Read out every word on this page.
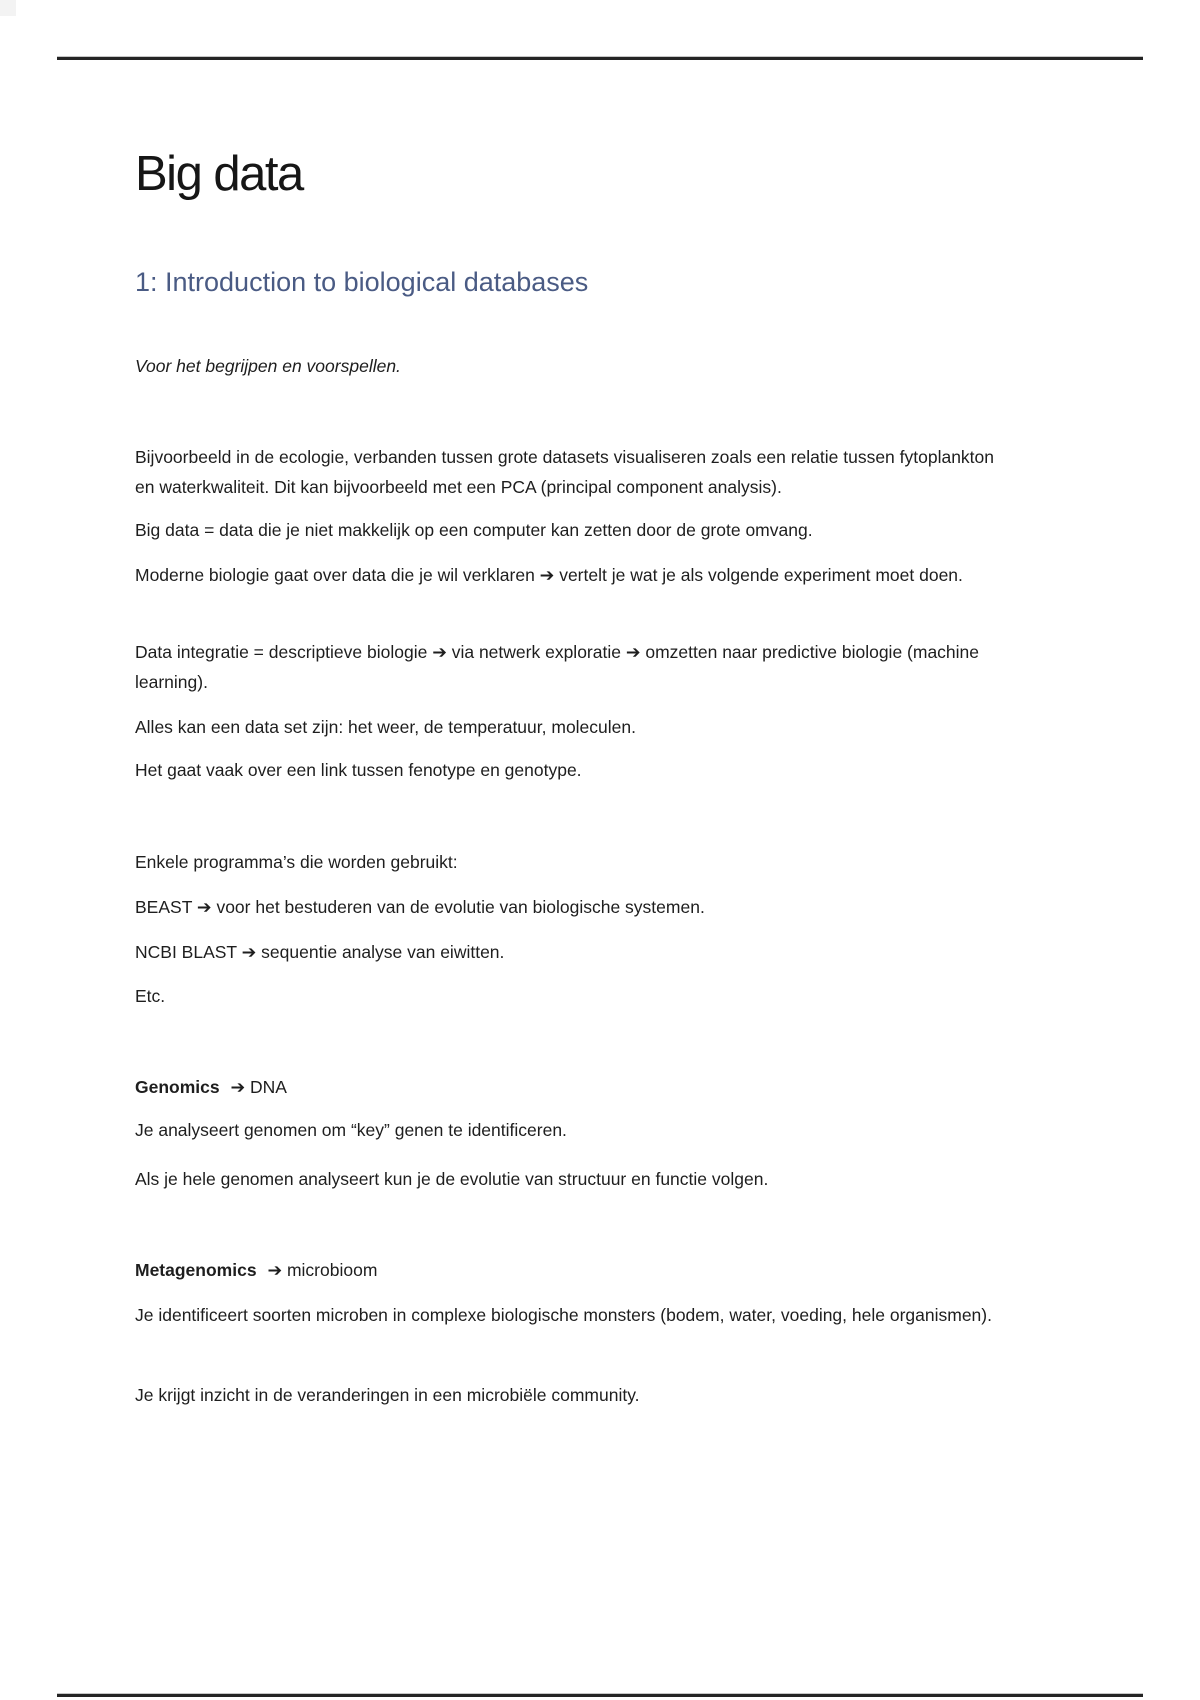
Big data
1: Introduction to biological databases

Voor het begrijpen en voorspellen.

Bijvoorbeeld in de ecologie, verbanden tussen grote datasets visualiseren zoals een relatie tussen fytoplankton en waterkwaliteit. Dit kan bijvoorbeeld met een PCA (principal component analysis).

Big data = data die je niet makkelijk op een computer kan zetten door de grote omvang.

Moderne biologie gaat over data die je wil verklaren ➔ vertelt je wat je als volgende experiment moet doen.

Data integratie = descriptieve biologie ➔ via netwerk exploratie ➔ omzetten naar predictive biologie (machine learning).

Alles kan een data set zijn: het weer, de temperatuur, moleculen.

Het gaat vaak over een link tussen fenotype en genotype.

Enkele programma’s die worden gebruikt:

BEAST ➔ voor het bestuderen van de evolutie van biologische systemen.

NCBI BLAST ➔ sequentie analyse van eiwitten.

Etc.

Genomics ➔ DNA

Je analyseert genomen om “key” genen te identificeren.

Als je hele genomen analyseert kun je de evolutie van structuur en functie volgen.

Metagenomics ➔ microbioom

Je identificeert soorten microben in complexe biologische monsters (bodem, water, voeding, hele organismen).

Je krijgt inzicht in de veranderingen in een microbiële community.
